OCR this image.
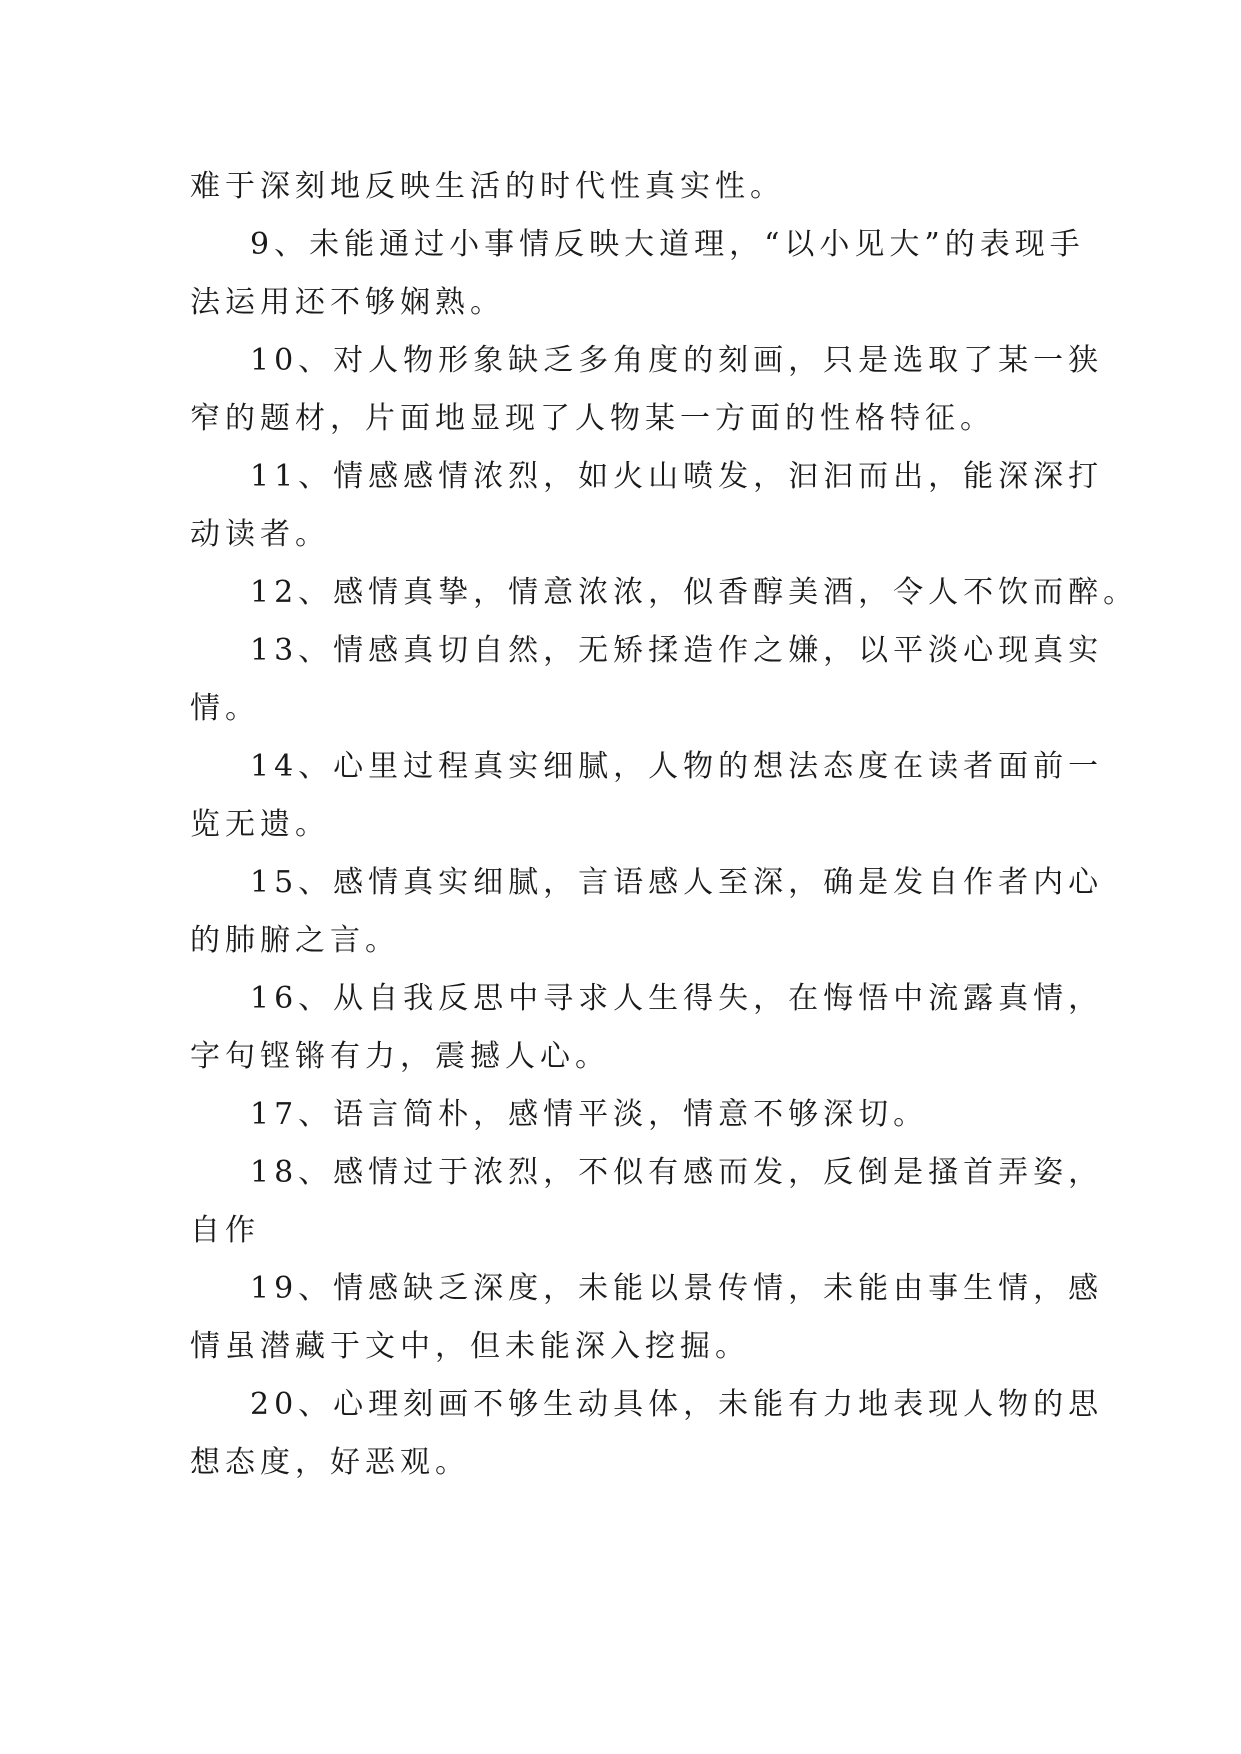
难于深刻地反映生活的时代性真实性。

9、未能通过小事情反映大道理，“以小见大”的表现手

法运用还不够娴熟。

10、对人物形象缺乏多角度的刻画，只是选取了某一狭

窄的题材，片面地显现了人物某一方面的性格特征。

11、情感感情浓烈，如火山喷发，汩汩而出，能深深打

动读者。

12、感情真挚，情意浓浓，似香醇美酒，令人不饮而醉。

13、情感真切自然，无矫揉造作之嫌，以平淡心现真实

情。

14、心里过程真实细腻，人物的想法态度在读者面前一

览无遗。

15、感情真实细腻，言语感人至深，确是发自作者内心

的肺腑之言。

16、从自我反思中寻求人生得失，在悔悟中流露真情，

字句铿锵有力，震撼人心。

17、语言简朴，感情平淡，情意不够深切。

18、感情过于浓烈，不似有感而发，反倒是搔首弄姿，

自作

19、情感缺乏深度，未能以景传情，未能由事生情，感

情虽潜藏于文中，但未能深入挖掘。

20、心理刻画不够生动具体，未能有力地表现人物的思

想态度，好恶观。
